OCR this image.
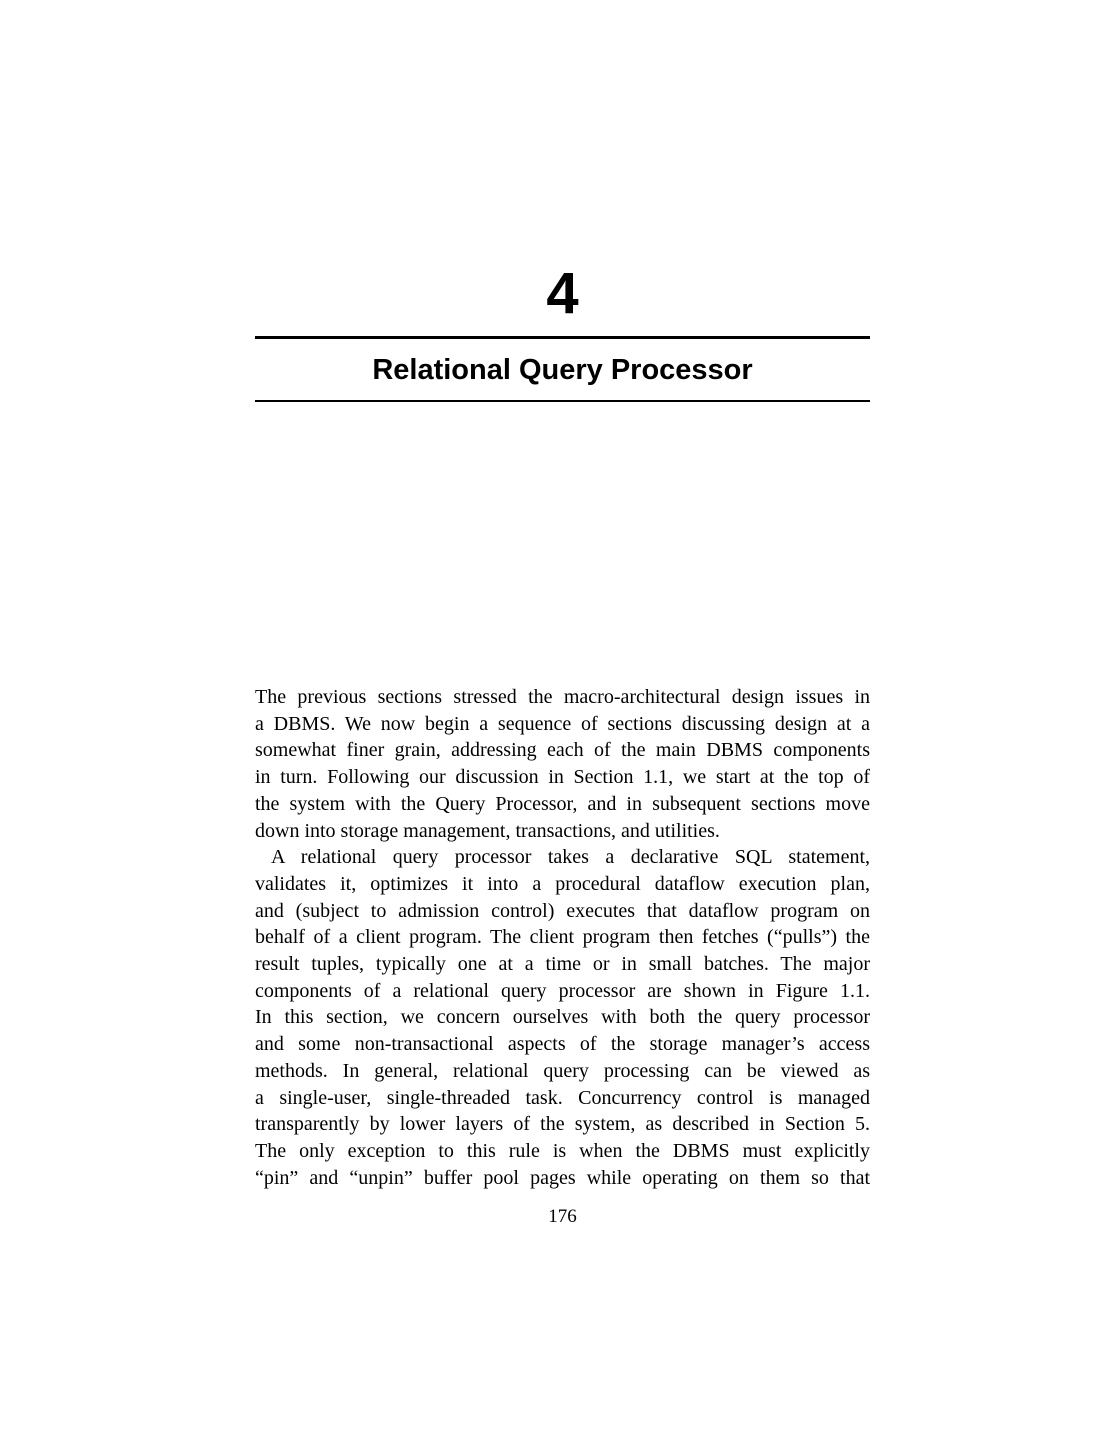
4
Relational Query Processor

The previous sections stressed the macro-architectural design issues in
a DBMS. We now begin a sequence of sections discussing design at a
somewhat finer grain, addressing each of the main DBMS components
in turn. Following our discussion in Section 1.1, we start at the top of
the system with the Query Processor, and in subsequent sections move
down into storage management, transactions, and utilities.

A relational query processor takes a declarative SQL statement,
validates it, optimizes it into a procedural dataflow execution plan,
and (subject to admission control) executes that dataflow program on
behalf of a client program. The client program then fetches (“pulls”) the
result tuples, typically one at a time or in small batches. The major
components of a relational query processor are shown in Figure 1.1.
In this section, we concern ourselves with both the query processor
and some non-transactional aspects of the storage manager’s access
methods. In general, relational query processing can be viewed as
a single-user, single-threaded task. Concurrency control is managed
transparently by lower layers of the system, as described in Section 5.
The only exception to this rule is when the DBMS must explicitly
“pin” and “unpin” buffer pool pages while operating on them so that

176
